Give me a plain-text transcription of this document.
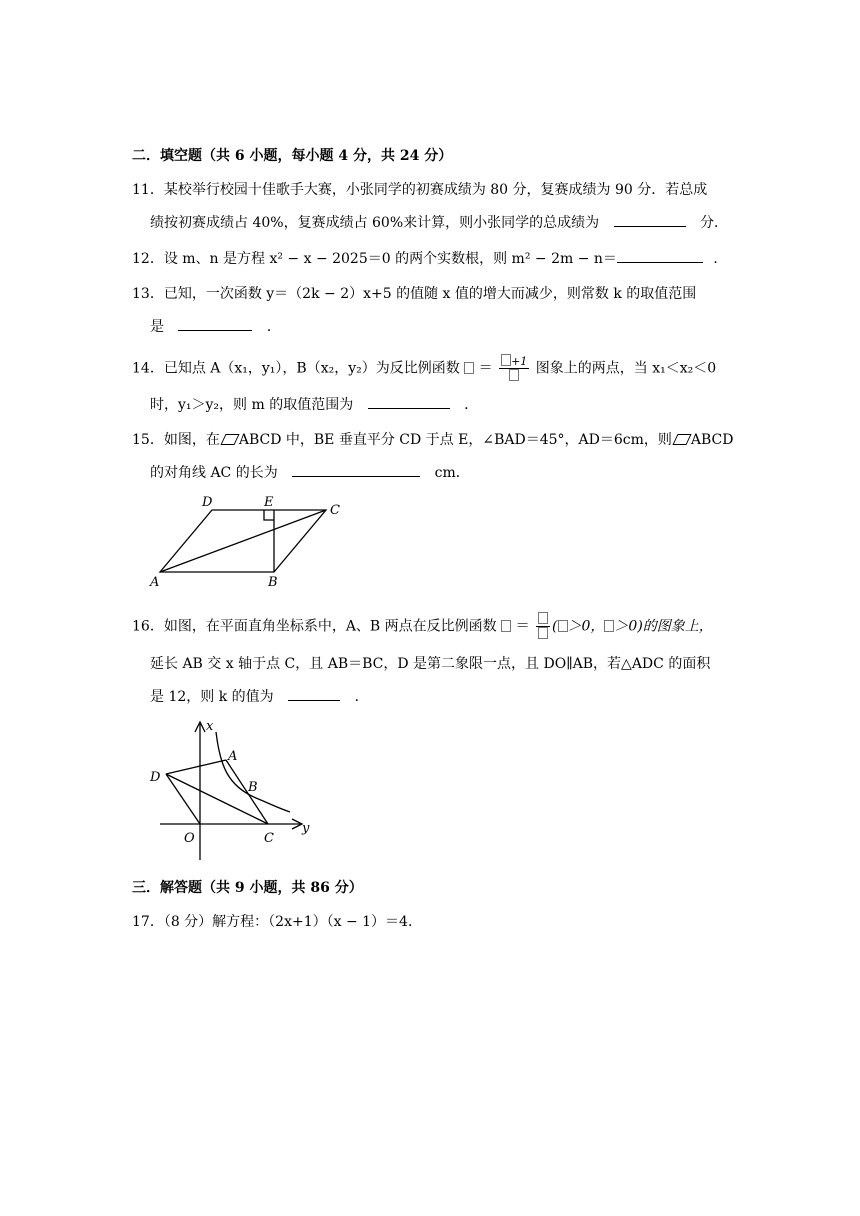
二．填空题（共 6 小题，每小题 4 分，共 24 分）
11．某校举行校园十佳歌手大赛，小张同学的初赛成绩为 80 分，复赛成绩为 90 分．若总成
绩按初赛成绩占 40%，复赛成绩占 60%来计算，则小张同学的总成绩为	分．
12．设 m、n 是方程 x² − x − 2025＝0 的两个实数根，则 m² − 2m − n＝	．
13．已知，一次函数 y＝（2k − 2）x+5 的值随 x 值的增大而减少，则常数 k 的取值范围
是	．
14．已知点 A（x₁，y₁），B（x₂，y₂）为反比例函数  ＝	+1 图象上的两点，当 x₁＜x₂＜0
时，y₁＞y₂，则 m 的取值范围为	．
15．如图，在 ABCD 中，BE 垂直平分 CD 于点 E，∠BAD＝45°，AD＝6cm，则 ABCD
的对角线 AC 的长为	cm．
D	E
C
A	B
16．如图，在平面直角坐标系中，A、B 两点在反比例函数  ＝
( ＞0， ＞0)的图象上，
延长 AB 交 x 轴于点 C，且 AB＝BC，D 是第二象限一点，且 DO∥AB，若△ADC 的面积
是 12，则 k 的值为	．
x
A
D
B
O	C
y
三．解答题（共 9 小题，共 86 分）
17．（8 分）解方程：（2x+1）（x − 1）＝4．
